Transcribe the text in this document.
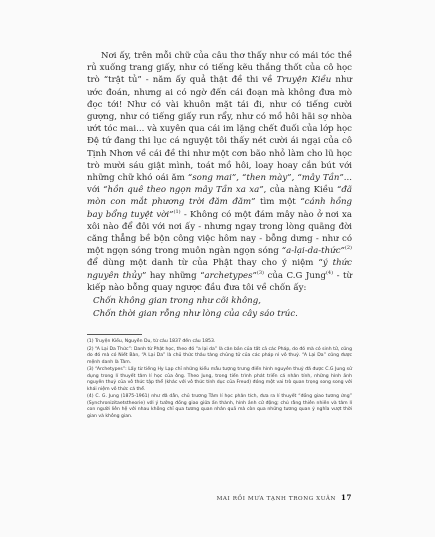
Nơi ấy, trên mỗi chữ của câu thơ thấy như có mái tóc thề rủ xuống trang giấy, như có tiếng kẽu thắng thốt của cô học trò “trật tủ” - năm ấy quả thật đề thi về Truyện Kiều như ước đoán, nhưng ai có ngờ đến cái đoạn mà không đưa mò đọc tới! Như có vài khuôn mặt tái đi, như có tiếng cười gượng, như có tiếng giấy run rẩy, như có mồ hôi hãi sợ nhòa ướt tóc mai... và xuyên qua cái im lặng chết đuối của lớp học Đệ tứ đang thi lục cá nguyệt tôi thấy nét cười ái ngại của cô Tịnh Nhơn về cái đề thi như một cơn bão nhỏ làm cho lũ học trò mười sáu giật mình, toát mồ hôi, loay hoay cắn bút với những chữ khó oái ăm “song mai”, “then mày”, “mây Tần”... với “hồn quê theo ngọn mây Tần xa xa”, của nàng Kiều “đã mòn con mắt phương trời đăm đăm” tìm một “cánh hồng bay bổng tuyệt vời”$^{(1)}$ - Không có một đám mây nào ở nơi xa xôi nào để đôi với nơi ấy - nhưng ngay trong lòng quãng đời căng thẳng bề bộn công việc hôm nay - bỗng dưng - như có một ngọn sóng trong muôn ngàn ngọn sóng “a-lại-da-thức”$^{(2)}$ để dùng một danh từ của Phật thay cho ý niệm “ý thức nguyên thủy” hay những “archetypes”$^{(3)}$ của C.G Jung$^{(4)}$ - từ kiếp nào bỗng quay ngược đầu đưa tôi về chốn ấy:

Chốn không gian trong như cõi không,
Chốn thời gian rỗng như lòng của cây sáo trúc.

(1) Truyện Kiều, Nguyễn Du, từ câu 1837 đến câu 1853.

(2) “A Lại Da Thức”: Danh từ Phật học, theo đó “a lại da” là căn bản của tất cả các Pháp, do đó mà có sinh tử, cũng do đó mà có Niết Bàn, “A Lại Da” là chủ thức thâu tàng chủng tử của các pháp nì vô thuỷ. “A Lại Da” cũng được mệnh danh là Tâm.

(3) “Archetypes”: Lấy từ tiếng Hy Lạp chỉ những kiểu mẫu tượng trưng điển hình nguyên thuỷ đã được C.G Jung sử dụng trong lí thuyết tâm lí học của ông. Theo Jung, trong tiến trình phát triển cá nhân tính, những hình ảnh nguyên thuỷ của vô thức tập thể (khác với vô thức tính dục của Freud) đóng một vai trò quan trọng song song với khái niệm vô thức cá thể.

(4) C. G. Jung (1875-1961) như đã dẫn, chủ trương Tâm lí học phân tích, đưa ra lí thuyết “đồng giao tương ứng” (Synchronizitaetstheorie) với ý tưởng đồng giao giữa ấn thành, hình ảnh cử động; chú rằng thiên nhiên và tâm lí con người liên hệ với nhau không chỉ qua tương quan nhân quả mà còn qua những tương quan ý nghĩa vượt thời gian và không gian.

MAI RỒI MƯA TẠNH TRONG XUÂN 17
